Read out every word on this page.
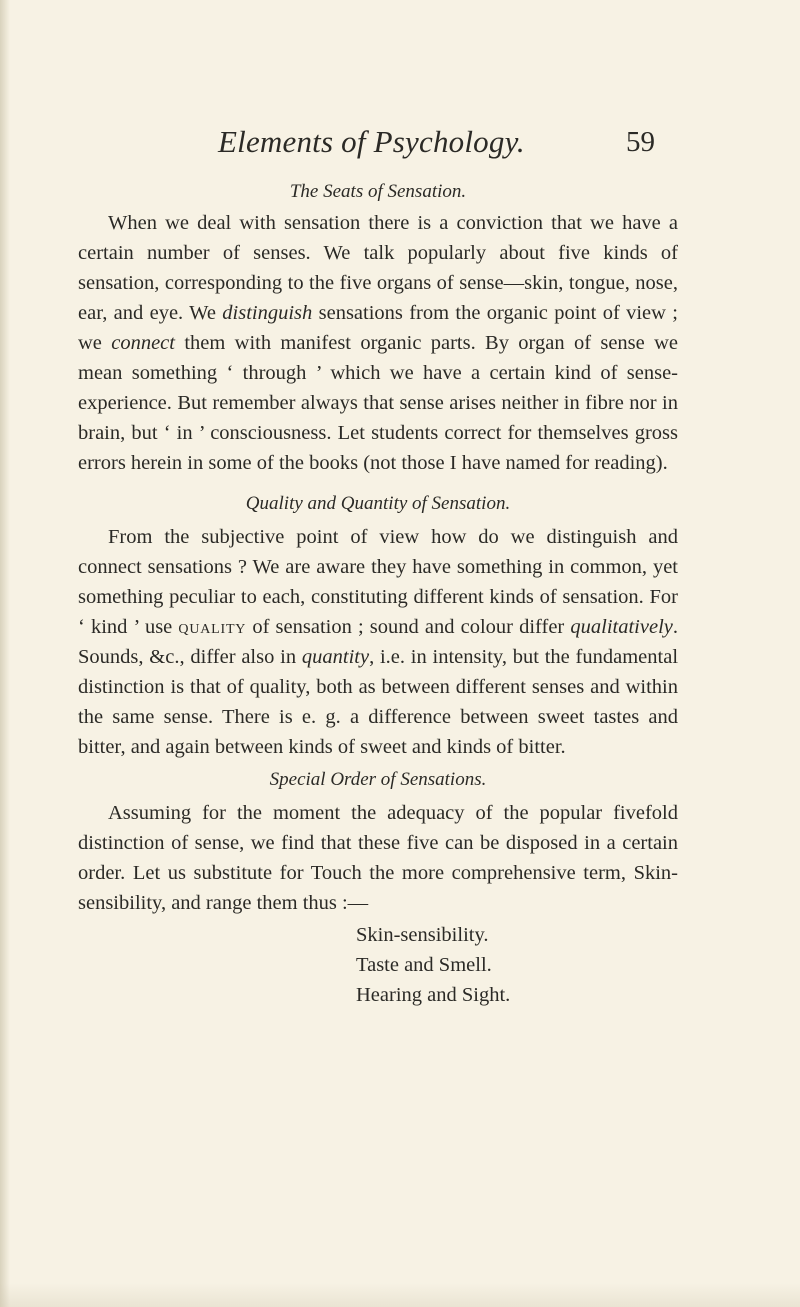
Elements of Psychology.	59
The Seats of Sensation.

When we deal with sensation there is a conviction that we have a certain number of senses. We talk popularly about five kinds of sensation, corresponding to the five organs of sense—skin, tongue, nose, ear, and eye. We distinguish sensations from the organic point of view ; we connect them with manifest organic parts. By organ of sense we mean something ‘ through ’ which we have a certain kind of sense-experience. But remember always that sense arises neither in fibre nor in brain, but ‘ in ’ consciousness. Let students correct for themselves gross errors herein in some of the books (not those I have named for reading).

Quality and Quantity of Sensation.

From the subjective point of view how do we distinguish and connect sensations ? We are aware they have something in common, yet something peculiar to each, constituting different kinds of sensation. For ‘ kind ’ use quality of sensation ; sound and colour differ qualitatively. Sounds, &c., differ also in quantity, i.e. in intensity, but the fundamental distinction is that of quality, both as between different senses and within the same sense. There is e. g. a difference between sweet tastes and bitter, and again between kinds of sweet and kinds of bitter.

Special Order of Sensations.

Assuming for the moment the adequacy of the popular fivefold distinction of sense, we find that these five can be disposed in a certain order. Let us substitute for Touch the more comprehensive term, Skin-sensibility, and range them thus :—

Skin-sensibility.
Taste and Smell.
Hearing and Sight.
